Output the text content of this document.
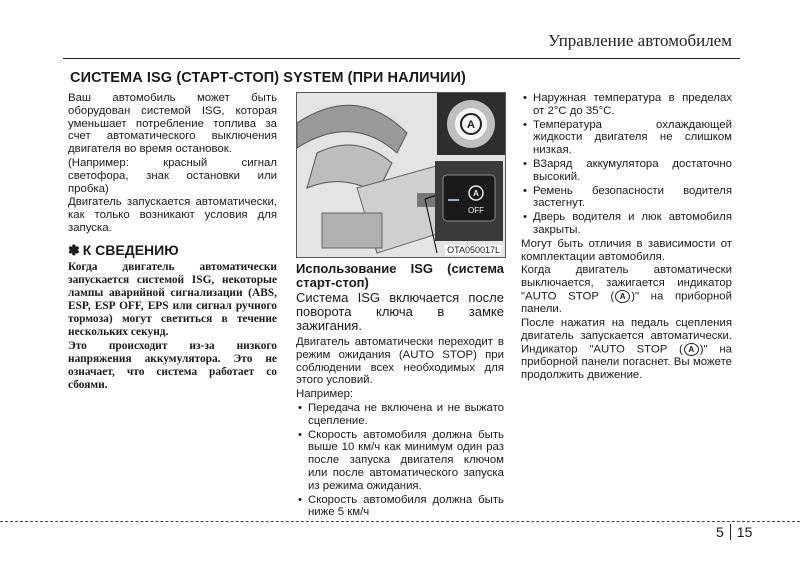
Управление автомобилем
СИСТЕМА ISG (СТАРТ-СТОП) SYSTEM (ПРИ НАЛИЧИИ)

Ваш автомобиль может быть оборудован системой ISG, которая уменьшает потребление топлива за счет автоматического выключения двигателя во время остановок.

(Например: красный сигнал светофора, знак остановки или пробка)

Двигатель запускается автоматически, как только возникают условия для запуска.

✽ К СВЕДЕНИЮ

Когда двигатель автоматически запускается системой ISG, некоторые лампы аварийной сигнализации (ABS, ESP, ESP OFF, EPS или сигнал ручного тормоза) могут светиться в течение нескольких секунд.

Это происходит из-за низкого напряжения аккумулятора. Это не означает, что система работает со сбоями.

A
A
OFF
OTA050017L

Использование ISG (система старт-стоп)

Система ISG включается после поворота ключа в замке зажигания.

Двигатель автоматически переходит в режим ожидания (AUTO STOP) при соблюдении всех необходимых для этого условий.

Например:

• Передача не включена и не выжато сцепление.
• Скорость автомобиля должна быть выше 10 км/ч как минимум один раз после запуска двигателя ключом или после автоматического запуска из режима ожидания.
• Скорость автомобиля должна быть ниже 5 км/ч
• Наружная температура в пределах от 2°С до 35°С.
• Температура охлаждающей жидкости двигателя не слишком низкая.
• ВЗаряд аккумулятора достаточно высокий.
• Ремень безопасности водителя застегнут.
• Дверь водителя и люк автомобиля закрыты.

Могут быть отличия в зависимости от комплектации автомобиля.

Когда двигатель автоматически выключается, зажигается индикатор "AUTO STOP ( A )" на приборной панели.

После нажатия на педаль сцепления двигатель запускается автоматически. Индикатор "AUTO STOP ( A )" на приборной панели погаснет. Вы можете продолжить движение.

5 15
